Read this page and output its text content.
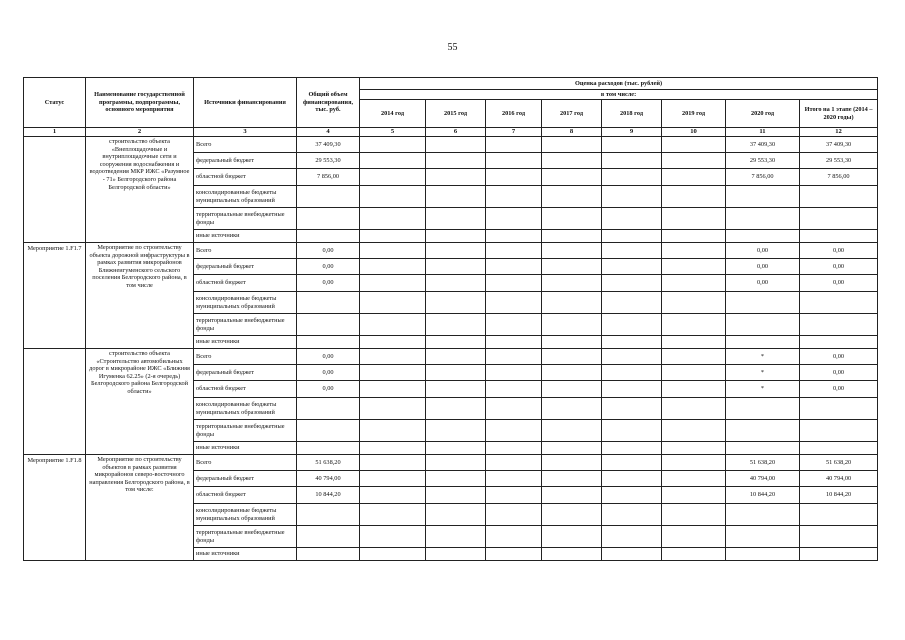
55
Статус	Наименование государственной программы, подпрограммы, основного мероприятия	Источники финансирования	Общий объем финансирования, тыс. руб.	Оценка расходов (тыс. рублей)							
				в том числе:							
				2014 год	2015 год	2016 год	2017 год	2018 год	2019 год	2020 год	Итого на 1 этапе (2014 – 2020 годы)
1	2	3	4	5	6	7	8	9	10	11	12
	строительство объекта «Внеплощадочные и внутриплощадочные сети и сооружения водоснабжения и водоотведения МКР ИЖС «Разумное - 71» Белгородского района Белгородской области»	Всего	37 409,30							37 409,30	37 409,30
		федеральный бюджет	29 553,30							29 553,30	29 553,30
		областной бюджет	7 856,00							7 856,00	7 856,00
		консолидированные бюджеты муниципальных образований									
		территориальные внебюджетные фонды									
		иные источники									
Мероприятие 1.F1.7	Мероприятие по строительству объекта дорожной инфраструктуры в рамках развития микрорайонов Ближнеигуменского сельского поселения Белгородского района, в том числе	Всего	0,00							0,00	0,00
		федеральный бюджет	0,00							0,00	0,00
		областной бюджет	0,00							0,00	0,00
		консолидированные бюджеты муниципальных образований									
		территориальные внебюджетные фонды									
		иные источники									
	строительство объекта «Строительство автомобильных дорог в микрорайоне ИЖС «Ближняя Игуменка 62.25» (2-я очередь) Белгородского района Белгородской области»	Всего	0,00							*	0,00
		федеральный бюджет	0,00							*	0,00
		областной бюджет	0,00							*	0,00
		консолидированные бюджеты муниципальных образований									
		территориальные внебюджетные фонды									
		иные источники									
Мероприятие 1.F1.8	Мероприятие по строительству объектов в рамках развития микрорайонов северо-восточного направления Белгородского района, в том числе:	Всего	51 638,20							51 638,20	51 638,20
		федеральный бюджет	40 794,00							40 794,00	40 794,00
		областной бюджет	10 844,20							10 844,20	10 844,20
		консолидированные бюджеты муниципальных образований									
		территориальные внебюджетные фонды									
		иные источники									
